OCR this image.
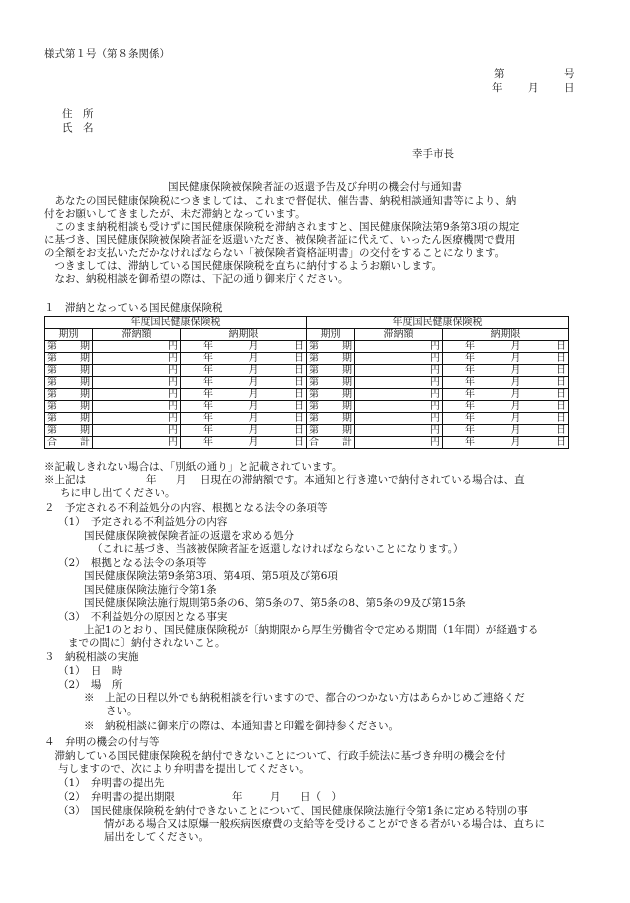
様式第１号（第８条関係）
第	号
年 月 日
住　所
氏　名
幸手市長
国民健康保険被保険者証の返還予告及び弁明の機会付与通知書
　あなたの国民健康保険税につきましては、これまで督促状、催告書、納税相談通知書等により、納
付をお願いしてきましたが、未だ滞納となっています。
　このまま納税相談も受けずに国民健康保険税を滞納されますと、国民健康保険法第9条第3項の規定
に基づき、国民健康保険被保険者証を返還いただき、被保険者証に代えて、いったん医療機関で費用
の全額をお支払いただかなければならない「被保険者資格証明書」の交付をすることになります。
　つきましては、滞納している国民健康保険税を直ちに納付するようお願いします。
　なお、納税相談を御希望の際は、下記の通り御来庁ください。
１　滞納となっている国民健康保険税
年度国民健康保険税		
期別	滞納額	納期限

第 期	円	年 月 日

第 期	円	年 月 日

第 期	円	年 月 日

第 期	円	年 月 日

第 期	円	年 月 日

第 期	円	年 月 日

第 期	円	年 月 日

第 期	円	年 月 日

合 計	円	年 月 日
年度国民健康保険税		
期別	滞納額	納期限

第 期	円	年 月 日

第 期	円	年 月 日

第 期	円	年 月 日

第 期	円	年 月 日

第 期	円	年 月 日

第 期	円	年 月 日

第 期	円	年 月 日

第 期	円	年 月 日

合 計	円	年 月 日
※記載しきれない場合は、「別紙の通り」と記載されています。
※上記は	年 月 日現在の滞納額です。本通知と行き違いで納付されている場合は、直
ちに申し出てください。
２　予定される不利益処分の内容、根拠となる法令の条項等
（1）　予定される不利益処分の内容
国民健康保険被保険者証の返還を求める処分
（これに基づき、当該被保険者証を返還しなければならないことになります。）
（2）　根拠となる法令の条項等
国民健康保険法第9条第3項、第4項、第5項及び第6項
国民健康保険法施行令第1条
国民健康保険法施行規則第5条の6、第5条の7、第5条の8、第5条の9及び第15条
（3）　不利益処分の原因となる事実
上記1のとおり、国民健康保険税が〔納期限から厚生労働省令で定める期間（1年間）が経過する
までの間に〕納付されないこと。
３　納税相談の実施
（1）　日　時
（2）　場　所
※　上記の日程以外でも納税相談を行いますので、都合のつかない方はあらかじめご連絡くだ
さい。
※　納税相談に御来庁の際は、本通知書と印鑑を御持参ください。
４　弁明の機会の付与等
　滞納している国民健康保険税を納付できないことについて、行政手続法に基づき弁明の機会を付
与しますので、次により弁明書を提出してください。
（1）　弁明書の提出先
（2）　弁明書の提出期限	年	月 日（　）
（3）　国民健康保険税を納付できないことについて、国民健康保険法施行令第1条に定める特別の事
情がある場合又は原爆一般疾病医療費の支給等を受けることができる者がいる場合は、直ちに
届出をしてください。
